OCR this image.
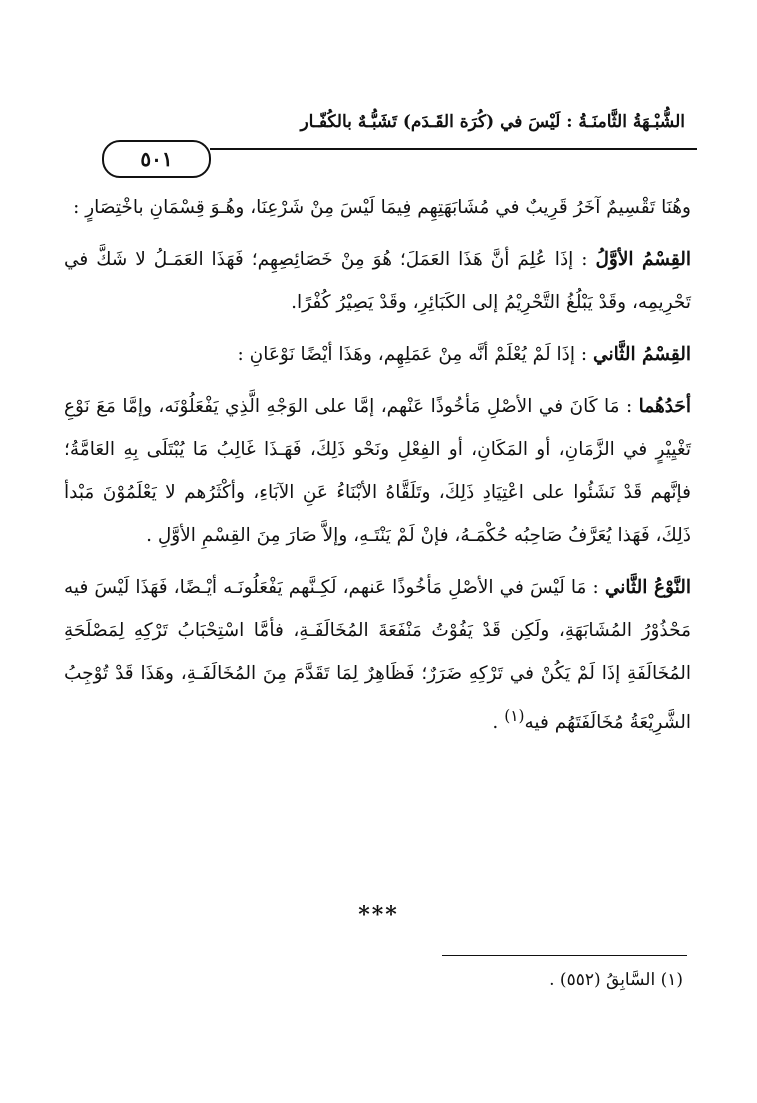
الشُّبْـهَةُ الثَّامنَـةُ : لَيْسَ في (كُرَة القَـدَم) تَشَبُّـهٌ بالكُفّـار
٥٠١

وهُنَا تَقْسِيمٌ آخَرُ قَرِيبٌ في مُشَابَهَتِهِم فِيمَا لَيْسَ مِنْ شَرْعِنَا، وهُـوَ قِسْمَانِ باخْتِصَارٍ :

القِسْمُ الأوَّلُ : إذَا عُلِمَ أنَّ هَذَا العَمَلَ؛ هُوَ مِنْ خَصَائِصِهِم؛ فَهَذَا العَمَـلُ لا شَكَّ في تَحْرِيمِه، وقَدْ يَبْلُغُ التَّحْرِيْمُ إلى الكَبَائِرِ، وقَدْ يَصِيْرُ كُفْرًا.

القِسْمُ الثَّاني : إذَا لَمْ يُعْلَمْ أنَّه مِنْ عَمَلِهِم، وهَذَا أيْضًا نَوْعَانِ :

أحَدُهُما : مَا كَانَ في الأصْلِ مَأخُوذًا عَنْهم، إمَّا على الوَجْهِ الَّذِي يَفْعَلُوْنَه، وإمَّا مَعَ نَوْعِ تَغْيِيْرٍ في الزَّمَانِ، أو المَكَانِ، أو الفِعْلِ ونَحْو ذَلِكَ، فَهَـذَا غَالِبُ مَا يُبْتَلَى بِهِ العَامَّةُ؛ فإنَّهم قَدْ نَشَئُوا على اعْتِيَادِ ذَلِكَ، وتَلَقَّاهُ الأبْنَاءُ عَنِ الآبَاءِ، وأكْثَرُهم لا يَعْلَمُوْنَ مَبْدأ ذَلِكَ، فَهَذا يُعَرَّفُ صَاحِبُه حُكْمَـهُ، فإنْ لَمْ يَنْتَـهِ، وإلاَّ صَارَ مِنَ القِسْمِ الأوَّلِ .

النَّوْعُ الثَّاني : مَا لَيْسَ في الأصْلِ مَأخُوذًا عَنهم، لَكِـنَّهم يَفْعَلُونَـه أيْـضًا، فَهَذَا لَيْسَ فيه مَحْذُوْرُ المُشَابَهَةِ، ولَكِن قَدْ يَفُوْتُ مَنْفَعَةَ المُخَالَفَـةِ، فأمَّا اسْتِحْبَابُ تَرْكِهِ لِمَصْلَحَةِ المُخَالَفَةِ إذَا لَمْ يَكُنْ في تَرْكِهِ ضَرَرٌ؛ فَظَاهِرٌ لِمَا تَقَدَّمَ مِنَ المُخَالَفَـةِ، وهَذَا قَدْ تُوْجِبُ الشَّرِيْعَةُ مُخَالَفَتَهُم فيه$^{(١)}$ .

***
(١) السَّابِقُ (٥٥٢) .
